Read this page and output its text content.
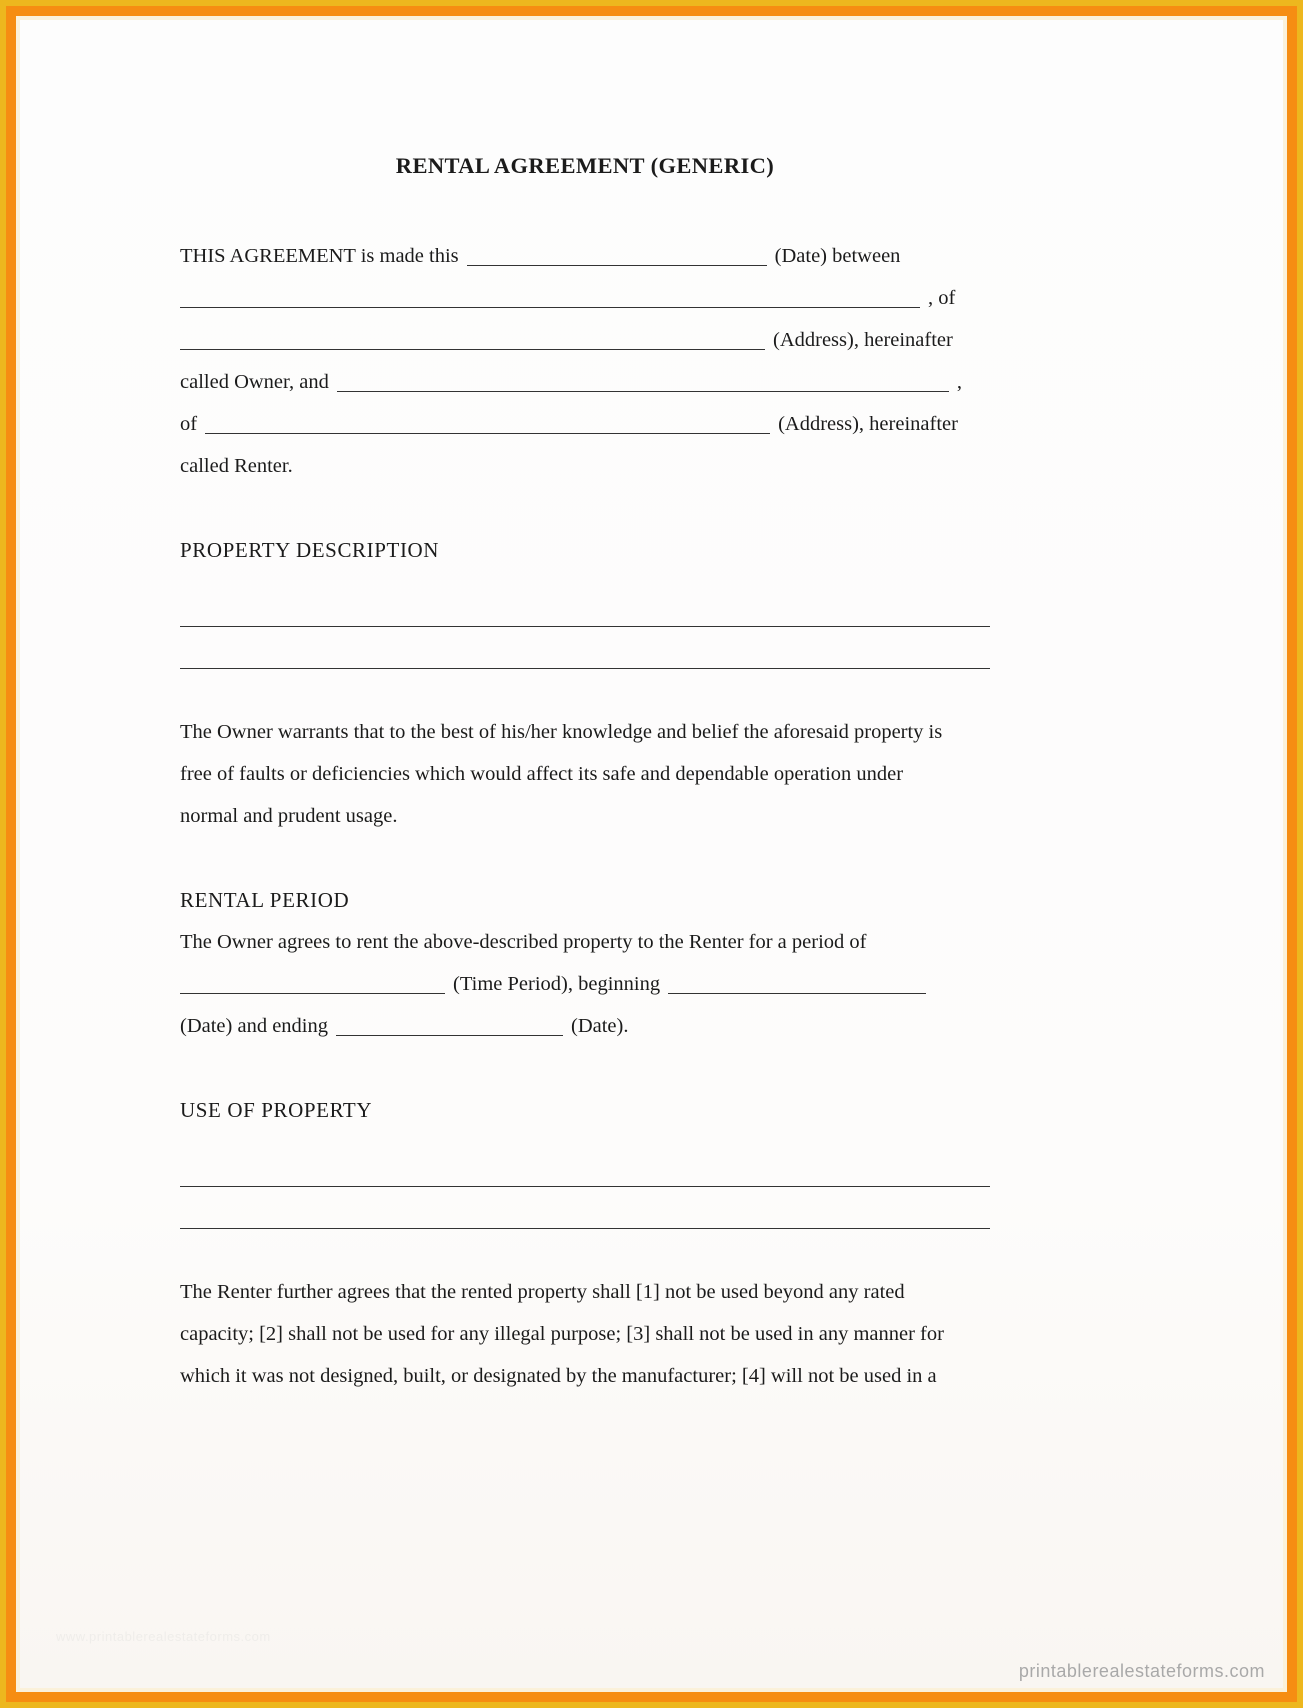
RENTAL AGREEMENT (GENERIC)
THIS AGREEMENT is made this	(Date) between
, of
(Address), hereinafter
called Owner, and	,
of	(Address), hereinafter
called Renter.
PROPERTY DESCRIPTION
The Owner warrants that to the best of his/her knowledge and belief the aforesaid property is
free of faults or deficiencies which would affect its safe and dependable operation under
normal and prudent usage.
RENTAL PERIOD
The Owner agrees to rent the above-described property to the Renter for a period of
(Time Period), beginning
(Date) and ending	(Date).
USE OF PROPERTY
The Renter further agrees that the rented property shall [1] not be used beyond any rated
capacity; [2] shall not be used for any illegal purpose; [3] shall not be used in any manner for
which it was not designed, built, or designated by the manufacturer; [4] will not be used in a
www.printablerealestateforms.com
printablerealestateforms.com
